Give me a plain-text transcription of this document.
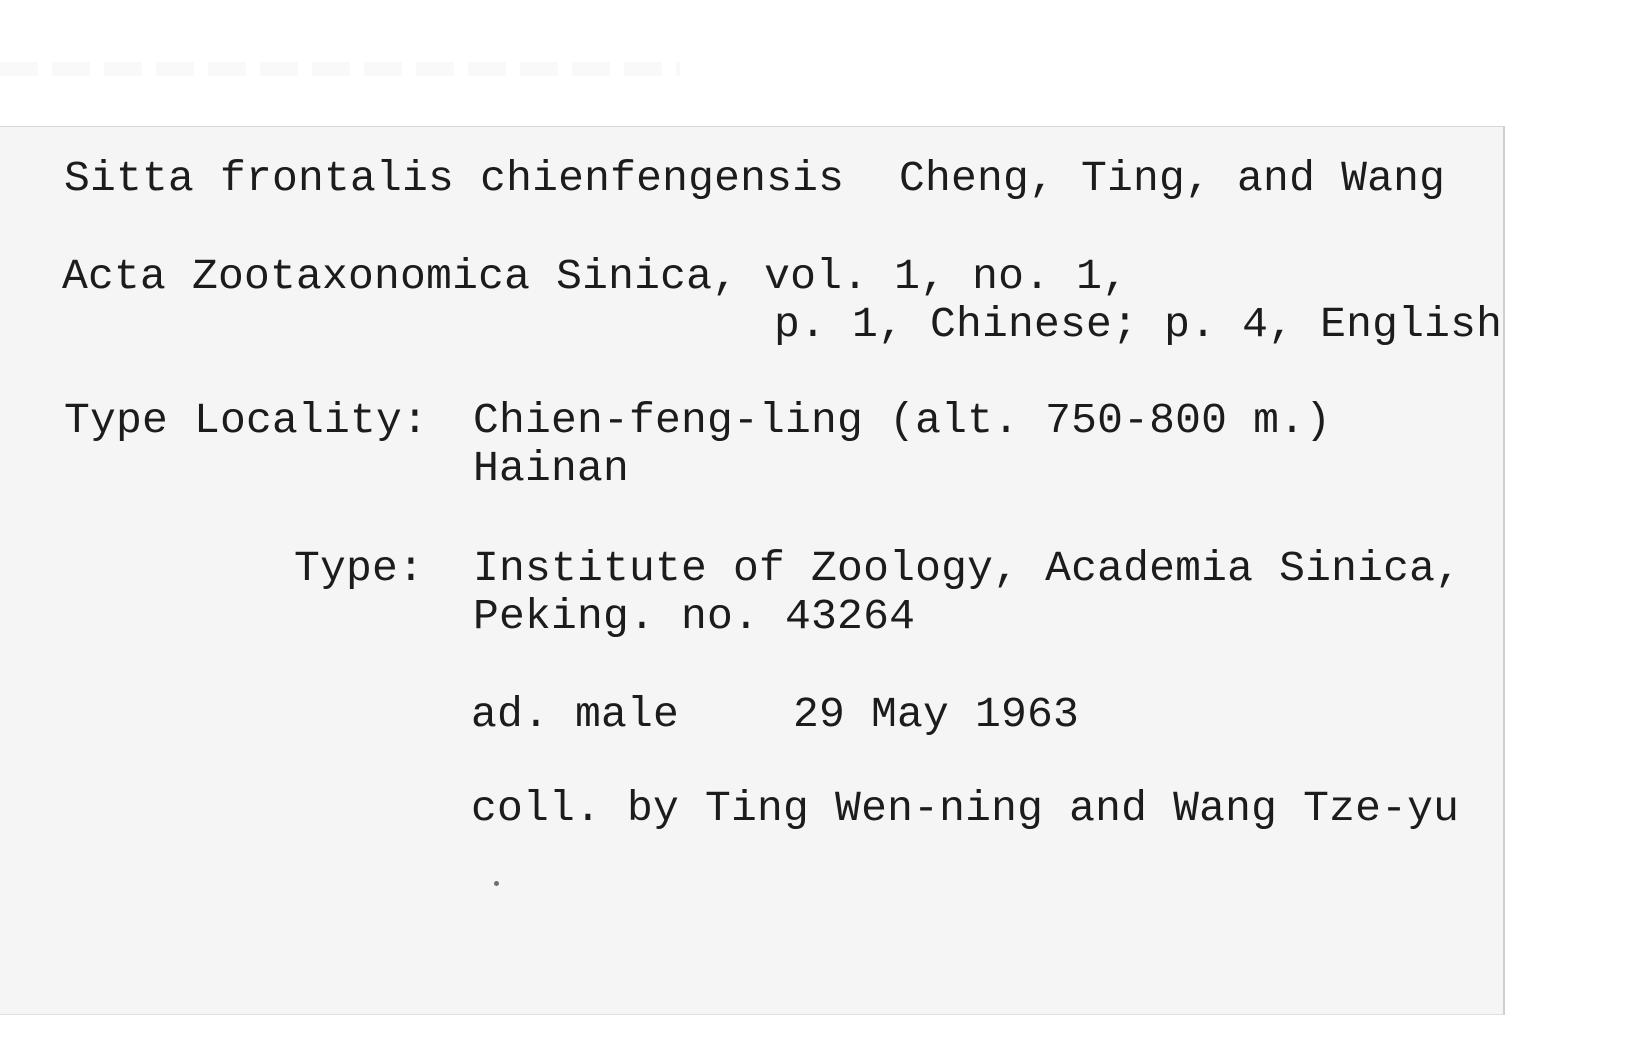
Sitta frontalis chienfengensis Cheng, Ting, and Wang
Acta Zootaxonomica Sinica, vol. 1, no. 1,
p. 1, Chinese; p. 4, English
Type Locality: Chien-feng-ling (alt. 750-800 m.)
Hainan
Type: Institute of Zoology, Academia Sinica,
Peking. no. 43264
ad. male	29 May 1963
coll. by Ting Wen-ning and Wang Tze-yu
